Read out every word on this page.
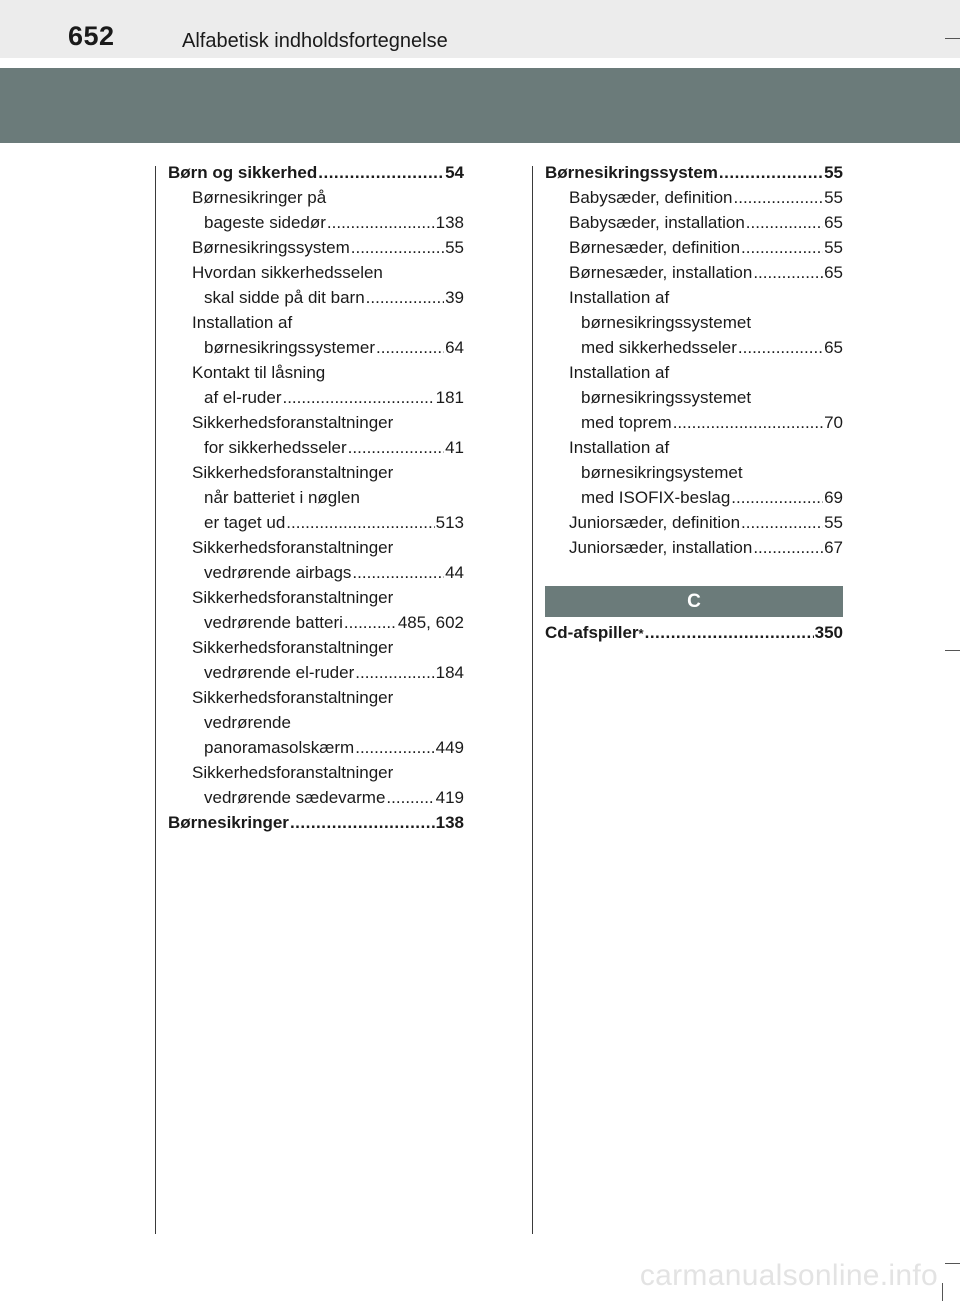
652	Alfabetisk indholdsfortegnelse
Børn og sikkerhed .....	54
Børnesikringer på
bageste sidedør .....	138
Børnesikringssystem .....	55
Hvordan sikkerhedsselen
skal sidde på dit barn .....	39
Installation af
børnesikringssystemer .....	64
Kontakt til låsning
af el-ruder .....	181
Sikkerhedsforanstaltninger
for sikkerhedsseler .....	41
Sikkerhedsforanstaltninger
når batteriet i nøglen
er taget ud .....	513
Sikkerhedsforanstaltninger
vedrørende airbags .....	44
Sikkerhedsforanstaltninger
vedrørende batteri .....	485, 602
Sikkerhedsforanstaltninger
vedrørende el-ruder .....	184
Sikkerhedsforanstaltninger
vedrørende
panoramasolskærm .....	449
Sikkerhedsforanstaltninger
vedrørende sædevarme .....	419
Børnesikringer .....	138
Børnesikringssystem .....	55
Babysæder, definition .....	55
Babysæder, installation .....	65
Børnesæder, definition .....	55
Børnesæder, installation .....	65
Installation af
børnesikringssystemet
med sikkerhedsseler .....	65
Installation af
børnesikringssystemet
med toprem .....	70
Installation af
børnesikringsystemet
med ISOFIX-beslag .....	69
Juniorsæder, definition .....	55
Juniorsæder, installation .....	67
C
Cd-afspiller * .....	350
carmanualsonline.info
